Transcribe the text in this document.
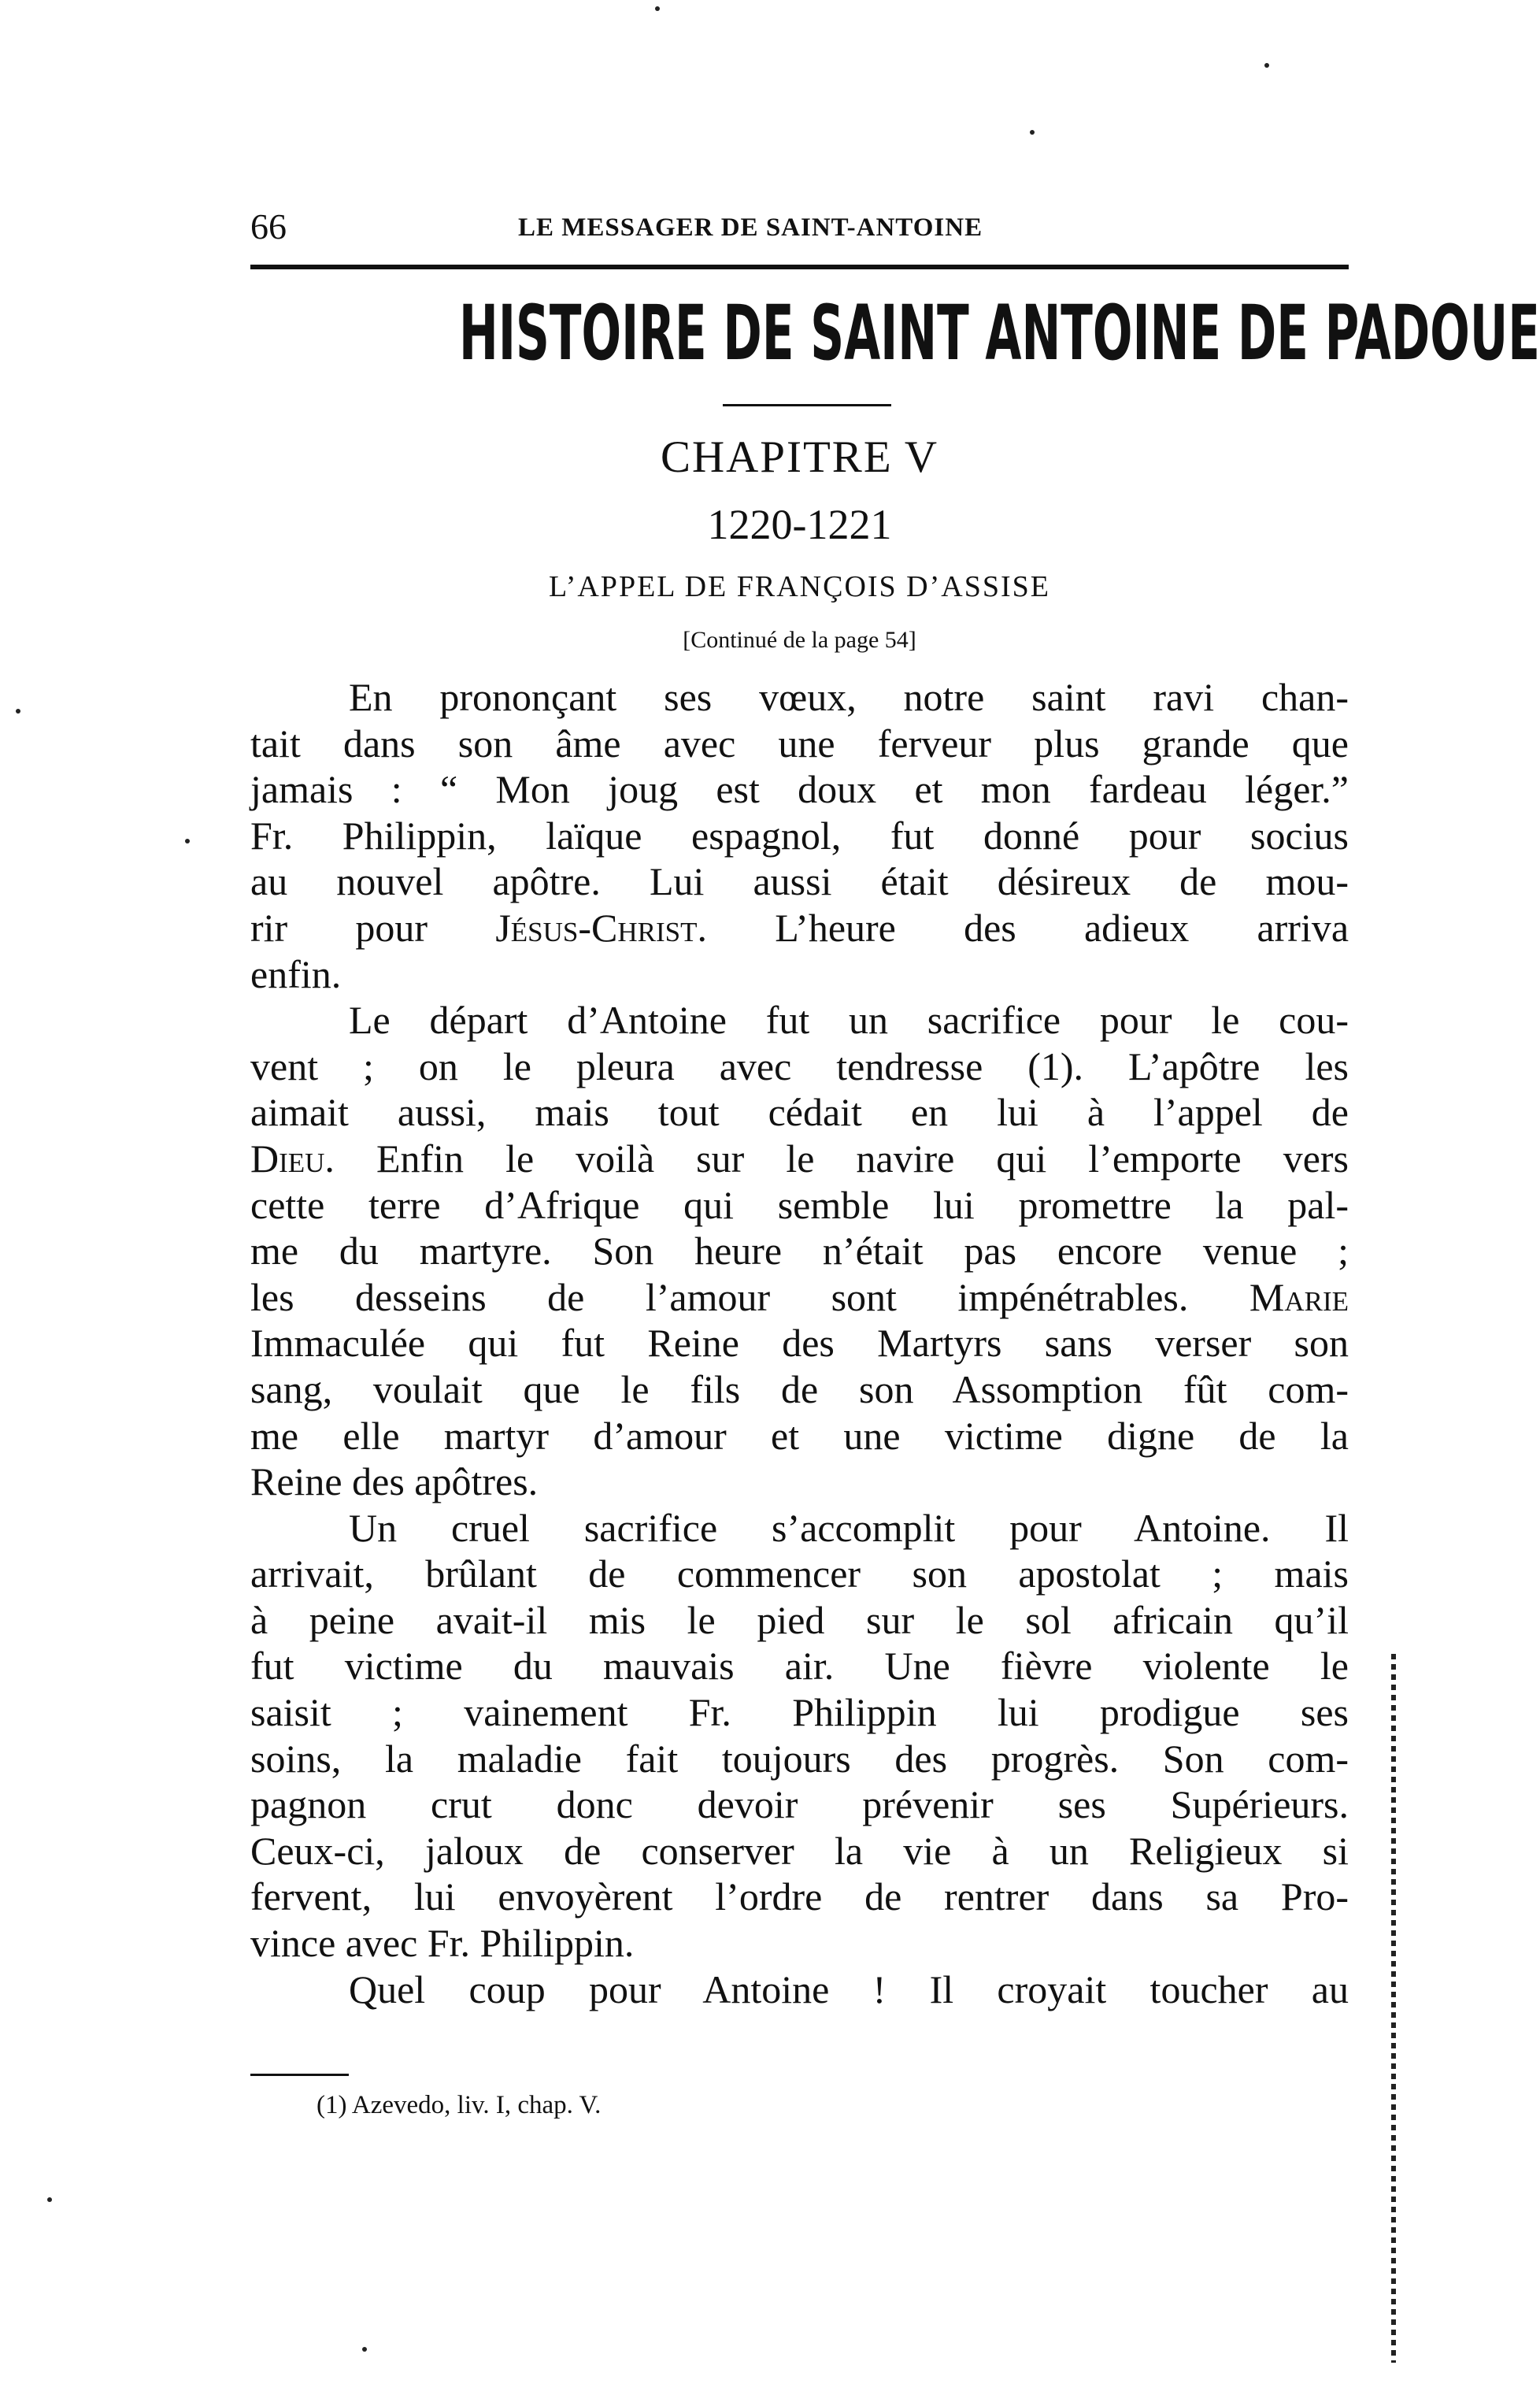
66	LE MESSAGER DE SAINT-ANTOINE
HISTOIRE DE SAINT ANTOINE DE PADOUE
CHAPITRE V
1220-1221
L’APPEL DE FRANÇOIS D’ASSISE
[Continué de la page 54]
En prononçant ses vœux, notre saint ravi chan-
tait dans son âme avec une ferveur plus grande que
jamais : “ Mon joug est doux et mon fardeau léger.”
Fr. Philippin, laïque espagnol, fut donné pour socius
au nouvel apôtre. Lui aussi était désireux de mou-
rir pour Jésus-Christ. L’heure des adieux arriva
enfin.
Le départ d’Antoine fut un sacrifice pour le cou-
vent ; on le pleura avec tendresse (1). L’apôtre les
aimait aussi, mais tout cédait en lui à l’appel de
Dieu. Enfin le voilà sur le navire qui l’emporte vers
cette terre d’Afrique qui semble lui promettre la pal-
me du martyre. Son heure n’était pas encore venue ;
les desseins de l’amour sont impénétrables. Marie
Immaculée qui fut Reine des Martyrs sans verser son
sang, voulait que le fils de son Assomption fût com-
me elle martyr d’amour et une victime digne de la
Reine des apôtres.
Un cruel sacrifice s’accomplit pour Antoine. Il
arrivait, brûlant de commencer son apostolat ; mais
à peine avait-il mis le pied sur le sol africain qu’il
fut victime du mauvais air. Une fièvre violente le
saisit ; vainement Fr. Philippin lui prodigue ses
soins, la maladie fait toujours des progrès. Son com-
pagnon crut donc devoir prévenir ses Supérieurs.
Ceux-ci, jaloux de conserver la vie à un Religieux si
fervent, lui envoyèrent l’ordre de rentrer dans sa Pro-
vince avec Fr. Philippin.
Quel coup pour Antoine ! Il croyait toucher au
(1) Azevedo, liv. I, chap. V.
